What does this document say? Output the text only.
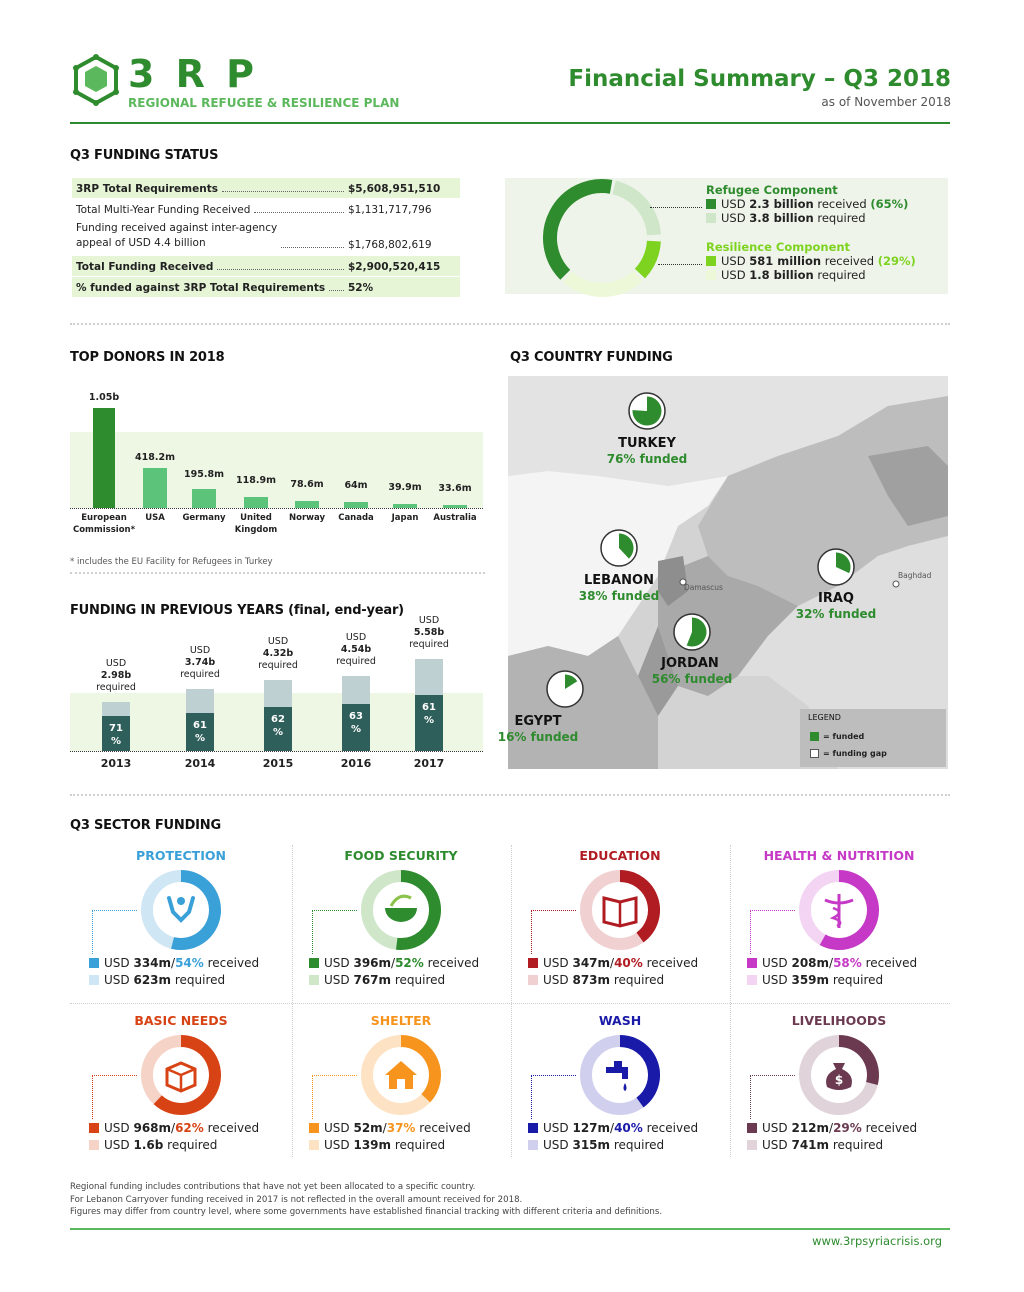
3 R P
REGIONAL REFUGEE & RESILIENCE PLAN
Financial Summary – Q3 2018
as of November 2018
Q3 FUNDING STATUS
3RP Total Requirements	$5,608,951,510
Total Multi-Year Funding Received	$1,131,717,796
Funding received against inter-agency
appeal of USD 4.4 billion	$1,768,802,619
Total Funding Received	$2,900,520,415
% funded against 3RP Total Requirements 52%
Refugee Component
USD 2.3 billion received (65%)
USD 3.8 billion required
Resilience Component
USD 581 million received (29%)
USD 1.8 billion required
TOP DONORS IN 2018
1.05b
European Commission*
418.2m
USA
195.8m
Germany
118.9m
United Kingdom
78.6m
Norway
64m
Canada
39.9m
Japan
33.6m
Australia
* includes the EU Facility for Refugees in Turkey
FUNDING IN PREVIOUS YEARS (final, end-year)
71
%
USD
2.98b
required
2013
61
%
USD
3.74b
required
2014
62
%
USD
4.32b
required
2015
63
%
USD
4.54b
required
2016
61
%
USD
5.58b
required
2017
Q3 COUNTRY FUNDING
Damascus
Baghdad
LEGEND
= funded
= funding gap
TURKEY
76% funded
LEBANON
38% funded	IRAQ
32% funded
JORDAN
56% funded
EGYPT
16% funded
Q3 SECTOR FUNDING
PROTECTION
USD 334m/54% received
USD 623m required
FOOD SECURITY
USD 396m/52% received
USD 767m required
EDUCATION
USD 347m/40% received
USD 873m required
HEALTH & NUTRITION
USD 208m/58% received
USD 359m required
BASIC NEEDS
USD 968m/62% received
USD 1.6b required
SHELTER
USD 52m/37% received
USD 139m required
WASH
USD 127m/40% received
USD 315m required
LIVELIHOODS
$
USD 212m/29% received
USD 741m required
Regional funding includes contributions that have not yet been allocated to a specific country.
For Lebanon Carryover funding received in 2017 is not reflected in the overall amount received for 2018.
Figures may differ from country level, where some governments have established financial tracking with different criteria and definitions.
www.3rpsyriacrisis.org
